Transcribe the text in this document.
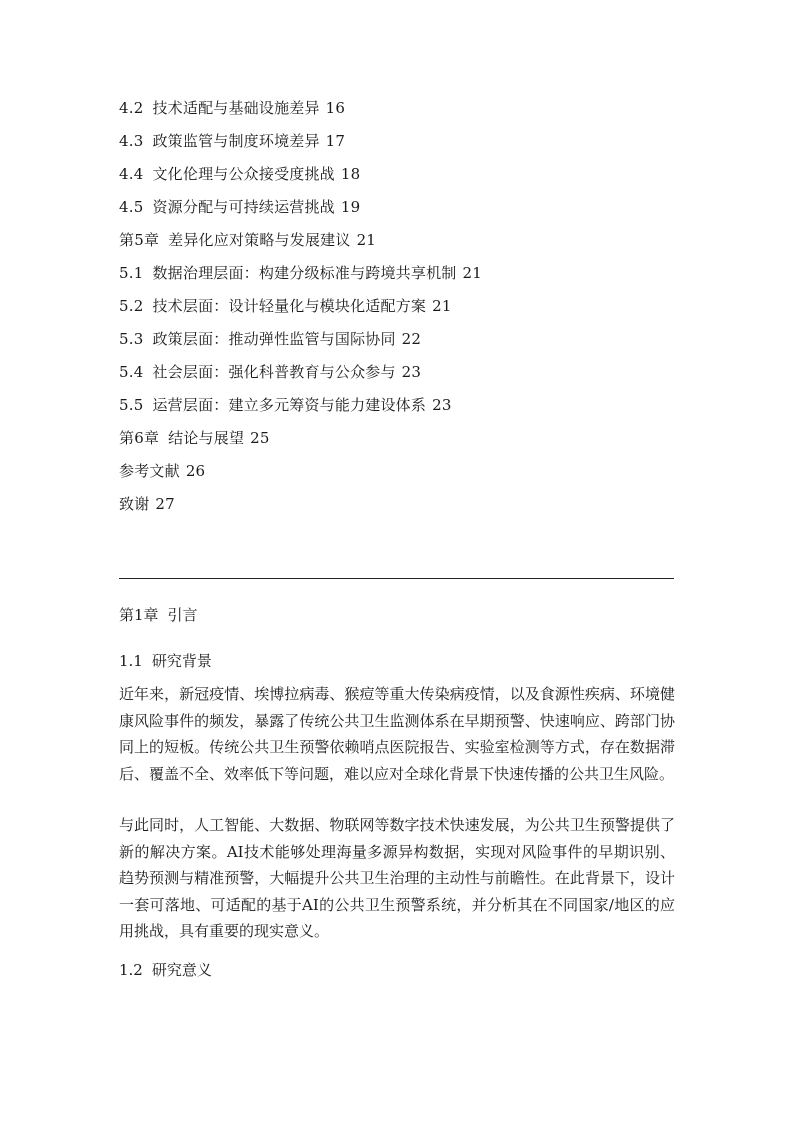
4.2 技术适配与基础设施差异 16
4.3 政策监管与制度环境差异 17
4.4 文化伦理与公众接受度挑战 18
4.5 资源分配与可持续运营挑战 19
第5章 差异化应对策略与发展建议 21
5.1 数据治理层面：构建分级标准与跨境共享机制 21
5.2 技术层面：设计轻量化与模块化适配方案 21
5.3 政策层面：推动弹性监管与国际协同 22
5.4 社会层面：强化科普教育与公众参与 23
5.5 运营层面：建立多元筹资与能力建设体系 23
第6章 结论与展望 25
参考文献 26
致谢 27
第1章 引言
1.1 研究背景

近年来，新冠疫情、埃博拉病毒、猴痘等重大传染病疫情，以及食源性疾病、环境健康风险事件的频发，暴露了传统公共卫生监测体系在早期预警、快速响应、跨部门协同上的短板。传统公共卫生预警依赖哨点医院报告、实验室检测等方式，存在数据滞后、覆盖不全、效率低下等问题，难以应对全球化背景下快速传播的公共卫生风险。

与此同时，人工智能、大数据、物联网等数字技术快速发展，为公共卫生预警提供了新的解决方案。AI技术能够处理海量多源异构数据，实现对风险事件的早期识别、趋势预测与精准预警，大幅提升公共卫生治理的主动性与前瞻性。在此背景下，设计一套可落地、可适配的基于AI的公共卫生预警系统，并分析其在不同国家/地区的应用挑战，具有重要的现实意义。

1.2 研究意义
